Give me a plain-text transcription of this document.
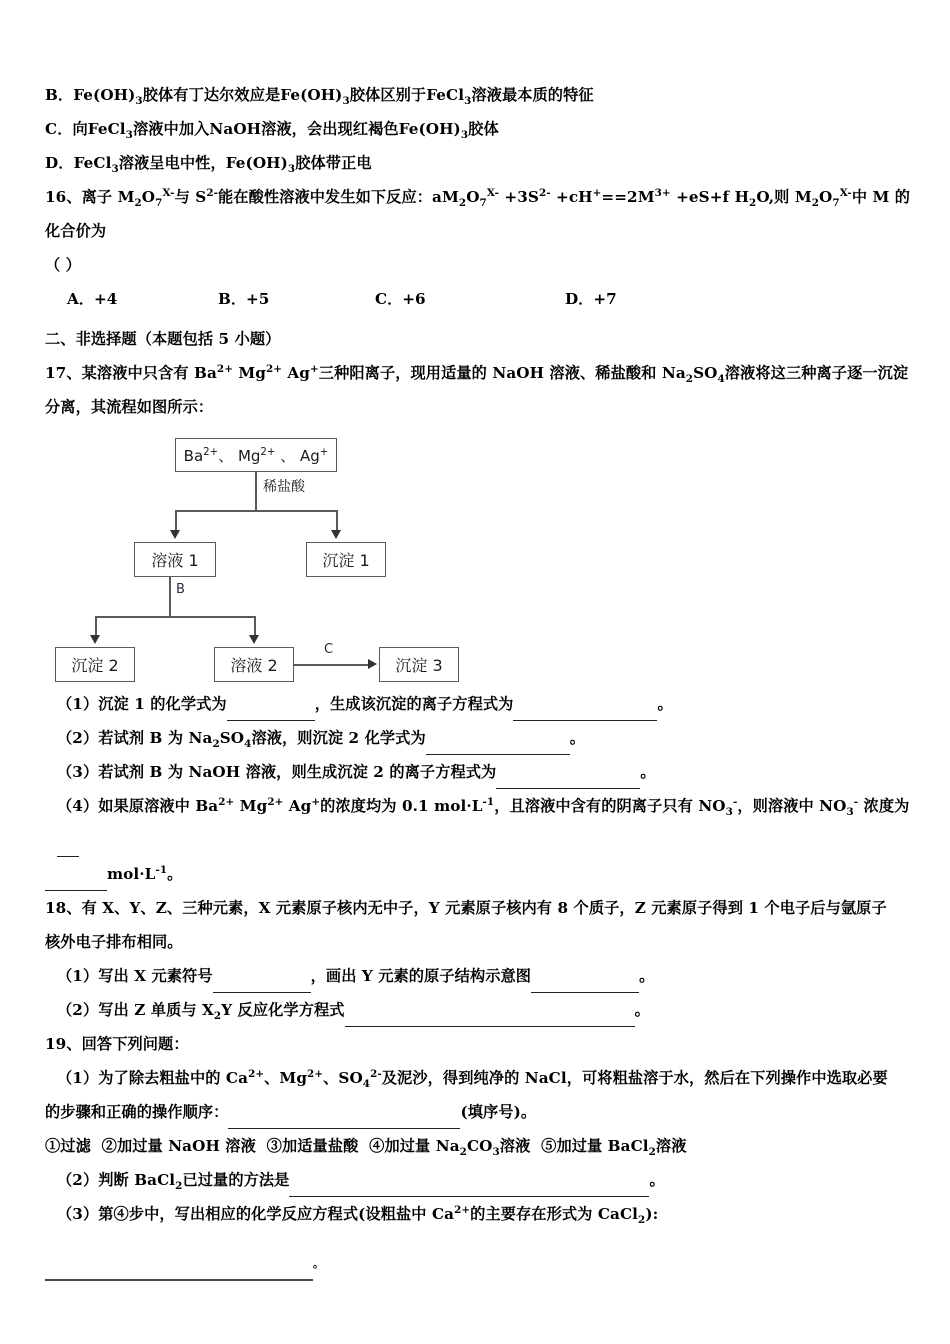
B．$Fe(OH)_3$胶体有丁达尔效应是$Fe(OH)_3$胶体区别于FeCl$_3$溶液最本质的特征
C．向FeCl$_3$溶液中加入NaOH溶液，会出现红褐色$Fe(OH)_3$胶体
D．FeCl$_3$溶液呈电中性，$Fe(OH)_3$胶体带正电
16、离子 $M_2O_7^{X-}$与 $S^{2-}$能在酸性溶液中发生如下反应：$aM_2O_7^{X-} +3S^{2-} +cH^+==2M^{3+} +eS+f$ $H_2O$,则 $M_2O_7^{X-}$中 M 的化合价为
（ ）
A．+4	B．+5	C．+6	D．+7
二、非选择题（本题包括 5 小题）
17、某溶液中只含有 $Ba^{2+}$ $Mg^{2+}$ Ag+三种阳离子，现用适量的 NaOH 溶液、稀盐酸和 $Na_2SO_4$溶液将这三种离子逐一沉淀
分离，其流程如图所示：
$Ba^{2+}$、 $Mg^{2+}$ 、 Ag+
稀盐酸
溶液 1	沉淀 1
B
沉淀 2	溶液 2
C
沉淀 3
（1）沉淀 1 的化学式为	，生成该沉淀的离子方程式为	。
（2）若试剂 B 为 $Na_2SO_4$溶液，则沉淀 2 化学式为	。
（3）若试剂 B 为 NaOH 溶液，则生成沉淀 2 的离子方程式为	。
（4）如果原溶液中 $Ba^{2+}$ $Mg^{2+}$ Ag+的浓度均为 0.1 $mol\cdot L^{-1}$，且溶液中含有的阴离子只有 $NO_3^-$，则溶液中 $NO_3^-$ 浓度为
$mol\cdot L^{-1}$。
18、有 X、Y、Z、三种元素，X 元素原子核内无中子，Y 元素原子核内有 8 个质子，Z 元素原子得到 1 个电子后与氩原子
核外电子排布相同。
（1）写出 X 元素符号	，画出 Y 元素的原子结构示意图	。
（2）写出 Z 单质与 $X_2Y$ 反应化学方程式	。
19、回答下列问题：
（1）为了除去粗盐中的 $Ca^{2+}$、$Mg^{2+}$、$SO_4^{2-}$及泥沙，得到纯净的 NaCl，可将粗盐溶于水，然后在下列操作中选取必要
的步骤和正确的操作顺序：	(填序号)。
①过滤 ②加过量 NaOH 溶液 ③加适量盐酸 ④加过量 $Na_2CO_3$溶液 ⑤加过量 BaCl$_2$溶液
（2）判断 BaCl$_2$已过量的方法是	。
（3）第④步中，写出相应的化学反应方程式(设粗盐中 $Ca^{2+}$的主要存在形式为 CaCl$_2$):
。
